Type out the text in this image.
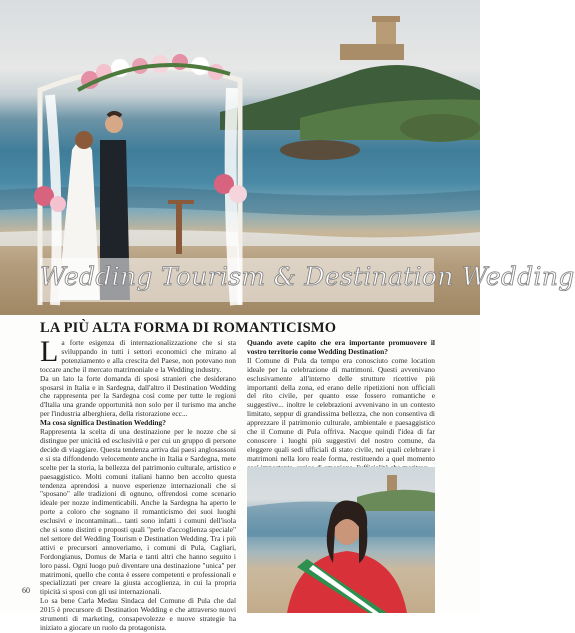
Wedding Tourism & Destination Wedding
LA PIÙ ALTA FORMA DI ROMANTICISMO

La forte esigenza di internazionalizzazione che si sta sviluppando in tutti i settori economici che mirano al potenziamento e alla crescita del Paese, non potevano non toccare anche il mercato matrimoniale e la Wedding industry.

Da un lato la forte domanda di sposi stranieri che desiderano sposarsi in Italia e in Sardegna, dall'altro il Destination Wedding che rappresenta per la Sardegna così come per tutte le regioni d'Italia una grande opportunità non solo per il turismo ma anche per l'industria alberghiera, della ristorazione ecc...

Ma cosa significa Destination Wedding?

Rappresenta la scelta di una destinazione per le nozze che si distingue per unicità ed esclusività e per cui un gruppo di persone decide di viaggiare. Questa tendenza arriva dai paesi anglosassoni e si sta diffondendo velocemente anche in Italia e Sardegna, mete scelte per la storia, la bellezza del patrimonio culturale, artistico e paesaggistico. Molti comuni italiani hanno ben accolto questa tendenza aprendosi a nuove esperienze internazionali che si "sposano" alle tradizioni di ognuno, offrendosi come scenario ideale per nozze indimenticabili. Anche la Sardegna ha aperto le porte a coloro che sognano il romanticismo dei suoi luoghi esclusivi e incontaminati... tanti sono infatti i comuni dell'isola che si sono distinti e proposti quali "perle d'accoglienza speciale" nel settore del Wedding Tourism e Destination Wedding. Tra i più attivi e precursori annoveriamo, i comuni di Pula, Cagliari, Fordongianus, Domus de Maria e tanti altri che hanno seguito i loro passi. Ogni luogo può diventare una destinazione "unica" per matrimoni, quello che conta è essere competenti e professionali e specializzati per creare la giusta accoglienza, in cui la propria tipicità si sposi con gli usi internazionali.

Lo sa bene Carla Medau Sindaca del Comune di Pula che dal 2015 è precursore di Destination Wedding e che attraverso nuovi strumenti di marketing, consapevolezze e nuove strategie ha iniziato a giocare un ruolo da protagonista.

Quando avete capito che era importante promuovere il vostro territorio come Wedding Destination?

Il Comune di Pula da tempo era conosciuto come location ideale per la celebrazione di matrimoni. Questi avvenivano esclusivamente all'interno delle strutture ricettive più importanti della zona, ed erano delle ripetizioni non ufficiali del rito civile, per quanto esse fossero romantiche e suggestive... inoltre le celebrazioni avvenivano in un contesto limitato, seppur di grandissima bellezza, che non consentiva di apprezzare il patrimonio culturale, ambientale e paesaggistico che il Comune di Pula offriva. Nacque quindi l'idea di far conoscere i luoghi più suggestivi del nostro comune, da eleggere quali sedi ufficiali di stato civile, nei quali celebrare i matrimoni nella loro reale forma, restituendo a quel momento

60
